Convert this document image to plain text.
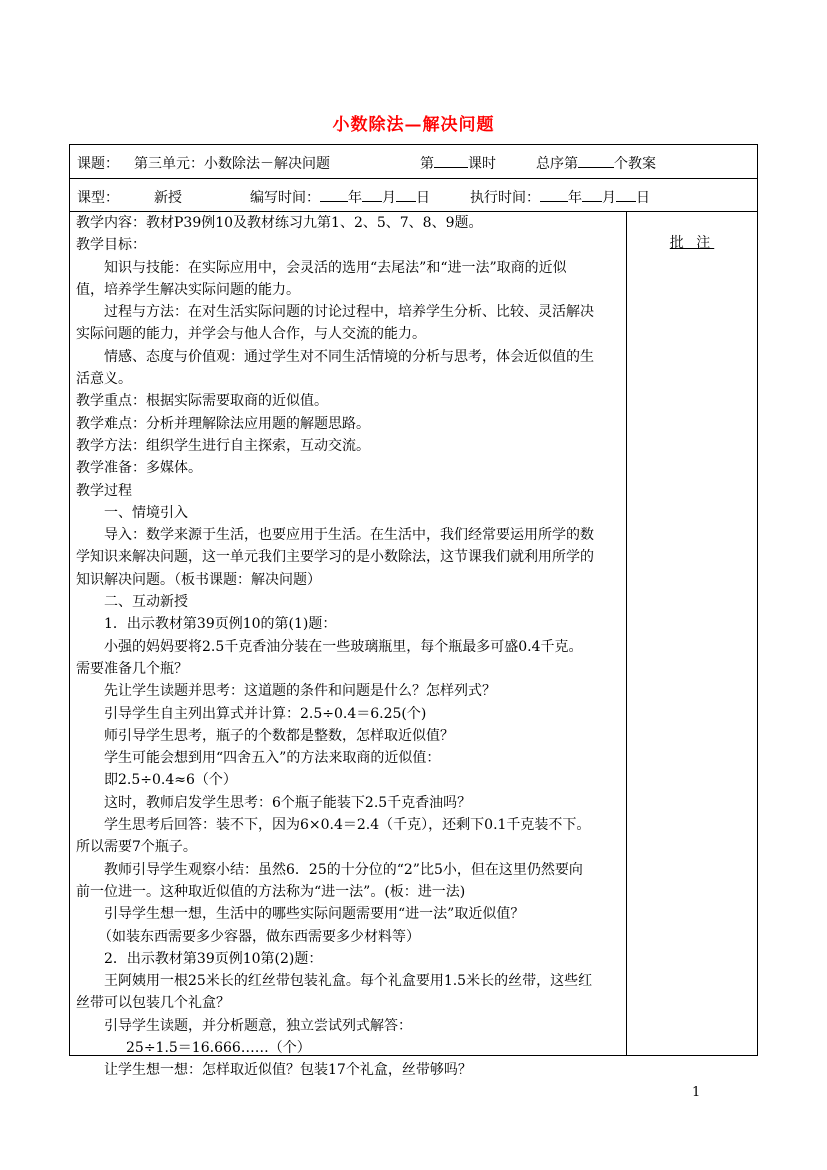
小数除法—解决问题
课题： 第三单元：小数除法－解决问题	第 课时	总序第	个教案
课型：	新授	编写时间： 年 月 日	执行时间： 年 月 日

教学内容：教材P39例10及教材练习九第1、2、5、7、8、9题。

教学目标：

知识与技能：在实际应用中，会灵活的选用“去尾法”和“进一法”取商的近似

值，培养学生解决实际问题的能力。

过程与方法：在对生活实际问题的讨论过程中，培养学生分析、比较、灵活解决

实际问题的能力，并学会与他人合作，与人交流的能力。

情感、态度与价值观：通过学生对不同生活情境的分析与思考，体会近似值的生

活意义。

教学重点：根据实际需要取商的近似值。

教学难点：分析并理解除法应用题的解题思路。

教学方法：组织学生进行自主探索，互动交流。

教学准备：多媒体。

教学过程

一、情境引入

导入：数学来源于生活，也要应用于生活。在生活中，我们经常要运用所学的数

学知识来解决问题，这一单元我们主要学习的是小数除法，这节课我们就利用所学的

知识解决问题。（板书课题：解决问题）

二、互动新授

1．出示教材第39页例10的第(1)题：

小强的妈妈要将2.5千克香油分装在一些玻璃瓶里，每个瓶最多可盛0.4千克。

需要准备几个瓶？

先让学生读题并思考：这道题的条件和问题是什么？怎样列式？

引导学生自主列出算式并计算：2.5÷0.4＝6.25(个)

师引导学生思考，瓶子的个数都是整数，怎样取近似值？

学生可能会想到用“四舍五入”的方法来取商的近似值：

即2.5÷0.4≈6（个）

这时，教师启发学生思考：6个瓶子能装下2.5千克香油吗？

学生思考后回答：装不下，因为6×0.4＝2.4（千克），还剩下0.1千克装不下。

所以需要7个瓶子。

教师引导学生观察小结：虽然6．25的十分位的“2”比5小，但在这里仍然要向

前一位进一。这种取近似值的方法称为“进一法”。(板：进一法)

引导学生想一想，生活中的哪些实际问题需要用“进一法”取近似值？

（如装东西需要多少容器，做东西需要多少材料等）

2．出示教材第39页例10第(2)题：

王阿姨用一根25米长的红丝带包装礼盒。每个礼盒要用1.5米长的丝带，这些红

丝带可以包装几个礼盒？

引导学生读题，并分析题意，独立尝试列式解答：

25÷1.5＝16.666……（个）

让学生想一想：怎样取近似值？包装17个礼盒，丝带够吗？

批 注
1
